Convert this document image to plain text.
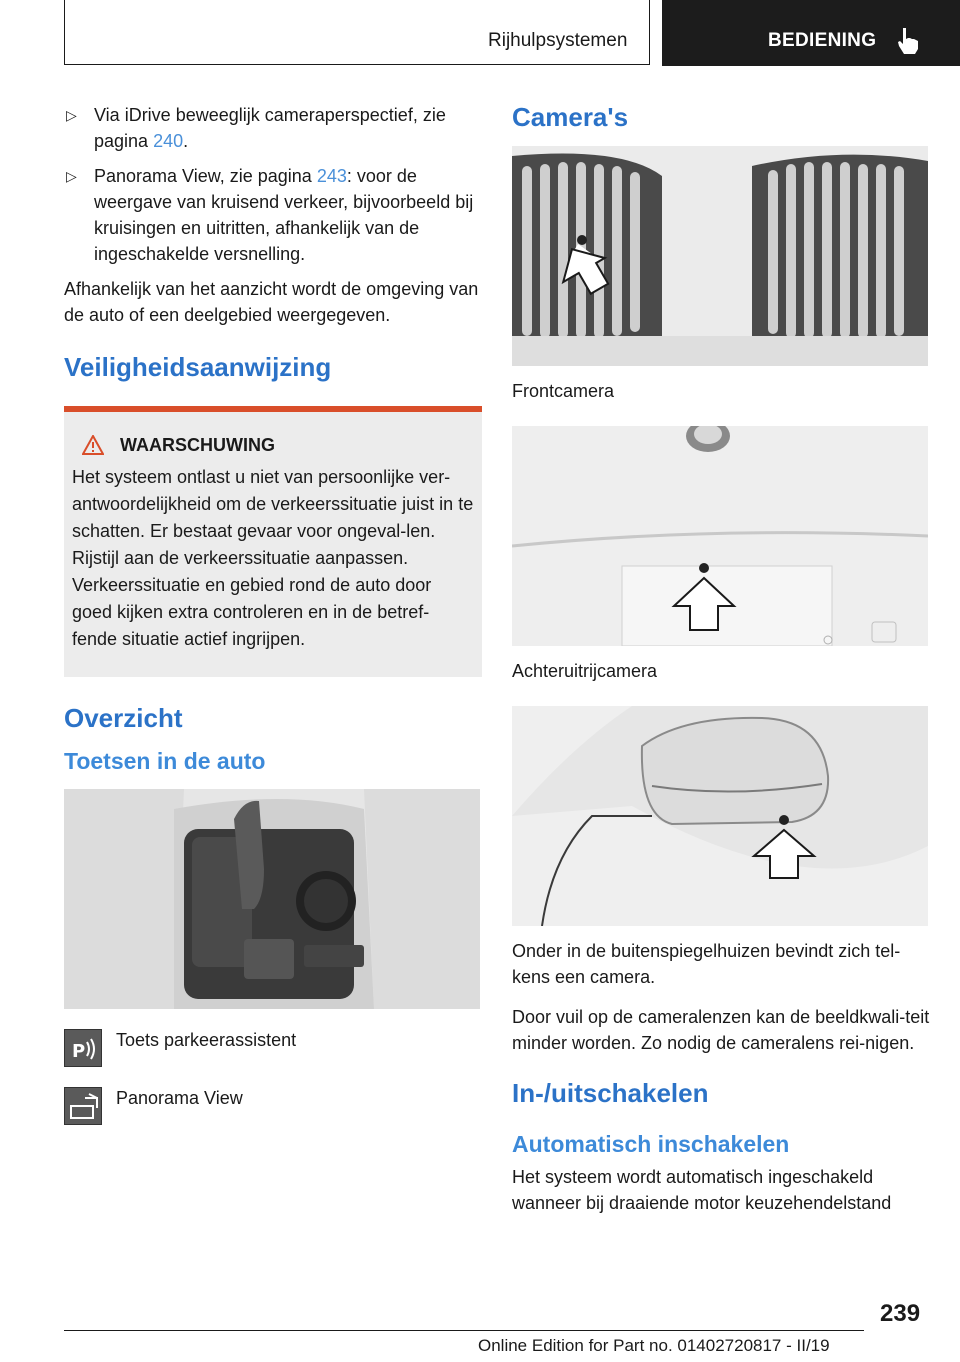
Rijhulpsystemen	BEDIENING
▷ Via iDrive beweeglijk cameraperspectief, zie pagina 240.
▷ Panorama View, zie pagina 243: voor de weergave van kruisend verkeer, bijvoorbeeld bij kruisingen en uitritten, afhankelijk van de ingeschakelde versnelling.

Afhankelijk van het aanzicht wordt de omgeving van de auto of een deelgebied weergegeven.

Veiligheidsaanwijzing
WAARSCHUWING

Het systeem ontlast u niet van persoonlijke ver-antwoordelijkheid om de verkeerssituatie juist in te schatten. Er bestaat gevaar voor ongeval-len. Rijstijl aan de verkeerssituatie aanpassen. Verkeerssituatie en gebied rond de auto door goed kijken extra controleren en in de betref-fende situatie actief ingrijpen.

Overzicht
Toetsen in de auto
P
Toets parkeerassistent
Panorama View
Camera's

Frontcamera

Achteruitrijcamera

Onder in de buitenspiegelhuizen bevindt zich tel-kens een camera.

Door vuil op de cameralenzen kan de beeldkwali-teit minder worden. Zo nodig de cameralens rei-nigen.

In-/uitschakelen
Automatisch inschakelen

Het systeem wordt automatisch ingeschakeld wanneer bij draaiende motor keuzehendelstand

239
Online Edition for Part no. 01402720817 - II/19
